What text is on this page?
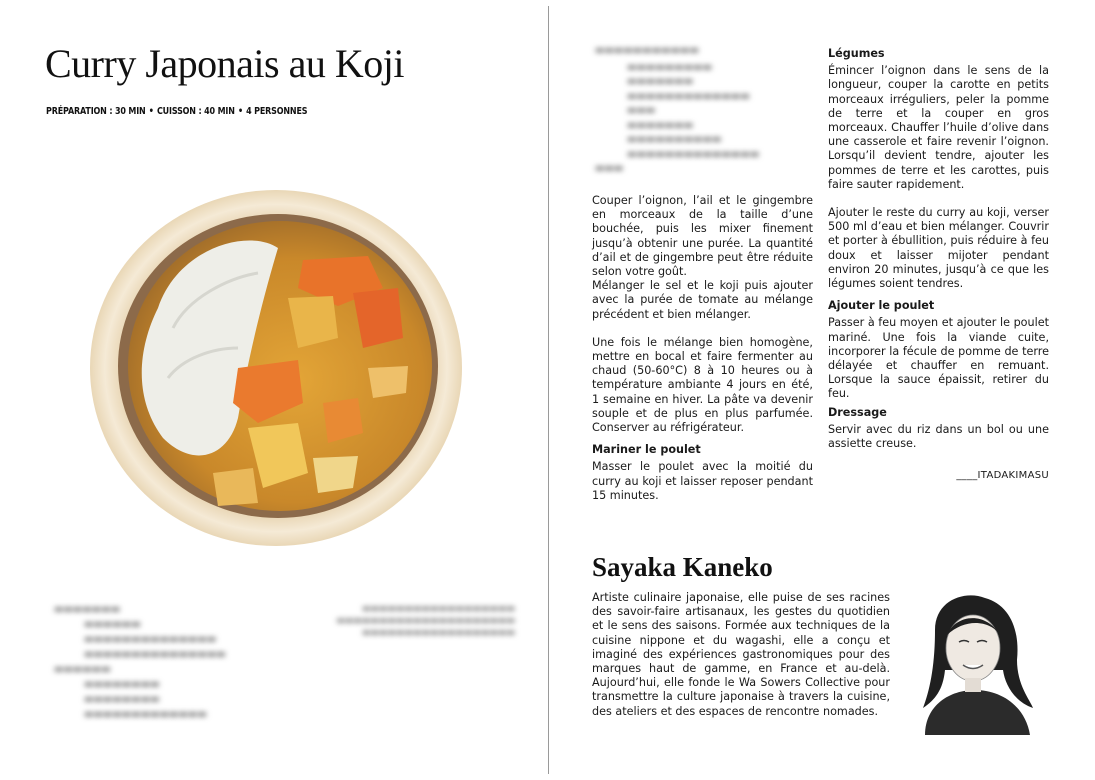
Curry Japonais au Koji
PRÉPARATION : 30 MIN • CUISSON : 40 MIN • 4 PERSONNES
▬▬▬▬▬▬▬
▬▬▬▬▬▬
▬▬▬▬▬▬▬▬▬▬▬▬▬▬
▬▬▬▬▬▬▬▬▬▬▬▬▬▬▬
▬▬▬▬▬▬
▬▬▬▬▬▬▬▬
▬▬▬▬▬▬▬▬
▬▬▬▬▬▬▬▬▬▬▬▬▬
▬▬▬▬▬▬▬▬▬▬▬▬▬▬▬▬▬▬
▬▬▬▬▬▬▬▬▬▬▬▬▬▬▬▬▬▬▬▬▬
▬▬▬▬▬▬▬▬▬▬▬▬▬▬▬▬▬▬
▬▬▬▬▬▬▬▬▬▬▬
▬▬▬▬▬▬▬▬▬
▬▬▬▬▬▬▬
▬▬▬▬▬▬▬▬▬▬▬▬▬
▬▬▬
▬▬▬▬▬▬▬
▬▬▬▬▬▬▬▬▬▬
▬▬▬▬▬▬▬▬▬▬▬▬▬▬
▬▬▬

Couper l’oignon, l’ail et le gingembre en morceaux de la taille d’une bouchée, puis les mixer finement jusqu’à obtenir une purée. La quantité d’ail et de gingembre peut être réduite selon votre goût.

Mélanger le sel et le koji puis ajouter avec la purée de tomate au mélange précédent et bien mélanger.

Une fois le mélange bien homogène, mettre en bocal et faire fermenter au chaud (50-60°C) 8 à 10 heures ou à température ambiante 4 jours en été, 1 semaine en hiver. La pâte va devenir souple et de plus en plus parfumée. Conserver au réfrigérateur.

Mariner le poulet

Masser le poulet avec la moitié du curry au koji et laisser reposer pendant 15 minutes.

Légumes

Émincer l’oignon dans le sens de la longueur, couper la carotte en petits morceaux irréguliers, peler la pomme de terre et la couper en gros morceaux. Chauffer l’huile d’olive dans une casserole et faire revenir l’oignon. Lorsqu’il devient tendre, ajouter les pommes de terre et les carottes, puis faire sauter rapidement.

Ajouter le reste du curry au koji, verser 500 ml d’eau et bien mélanger. Couvrir et porter à ébullition, puis réduire à feu doux et laisser mijoter pendant environ 20 minutes, jusqu’à ce que les légumes soient tendres.

Ajouter le poulet

Passer à feu moyen et ajouter le poulet mariné. Une fois la viande cuite, incorporer la fécule de pomme de terre délayée et chauffer en remuant. Lorsque la sauce épaissit, retirer du feu.

Dressage

Servir avec du riz dans un bol ou une assiette creuse.

____ITADAKIMASU
Sayaka Kaneko

Artiste culinaire japonaise, elle puise de ses racines des savoir-faire artisanaux, les gestes du quotidien et le sens des saisons. Formée aux techniques de la cuisine nippone et du wagashi, elle a conçu et imaginé des expériences gastronomiques pour des marques haut de gamme, en France et au-delà. Aujourd’hui, elle fonde le Wa Sowers Collective pour transmettre la culture japonaise à travers la cuisine, des ateliers et des espaces de rencontre nomades.
